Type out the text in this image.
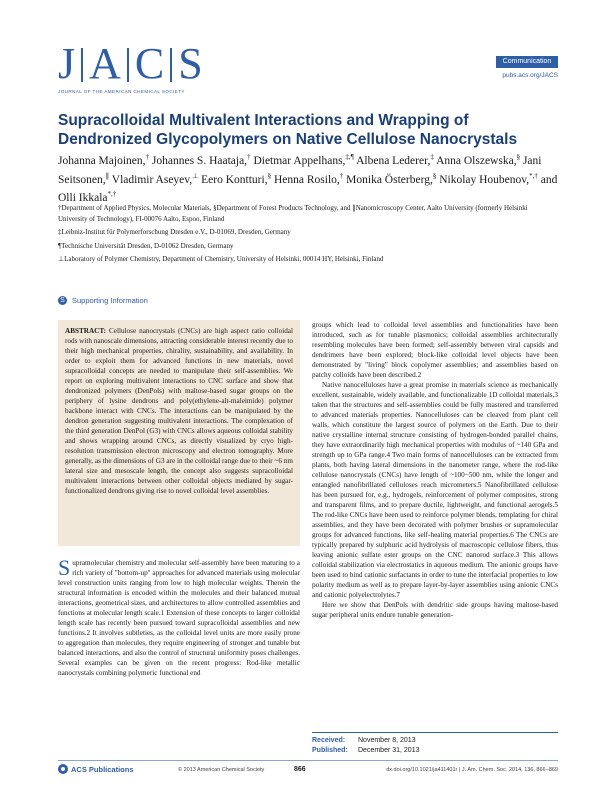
J A C S
JOURNAL OF THE AMERICAN CHEMICAL SOCIETY
Communication
pubs.acs.org/JACS
Supracolloidal Multivalent Interactions and Wrapping of Dendronized Glycopolymers on Native Cellulose Nanocrystals
Johanna Majoinen,† Johannes S. Haataja,† Dietmar Appelhans,‡,¶ Albena Lederer,‡ Anna Olszewska,§ Jani Seitsonen,∥ Vladimir Aseyev,⊥ Eero Kontturi,§ Henna Rosilo,† Monika Österberg,§ Nikolay Houbenov,*,† and Olli Ikkala*,†

†Department of Applied Physics, Molecular Materials, §Department of Forest Products Technology, and ∥Nanomicroscopy Center, Aalto University (formerly Helsinki University of Technology), FI-00076 Aalto, Espoo, Finland

‡Leibniz-Institut für Polymerforschung Dresden e.V., D-01069, Dresden, Germany

¶Technische Universität Dresden, D-01062 Dresden, Germany

⊥Laboratory of Polymer Chemistry, Department of Chemistry, University of Helsinki, 00014 HY, Helsinki, Finland

S Supporting Information
ABSTRACT: Cellulose nanocrystals (CNCs) are high aspect ratio colloidal rods with nanoscale dimensions, attracting considerable interest recently due to their high mechanical properties, chirality, sustainability, and availability. In order to exploit them for advanced functions in new materials, novel supracolloidal concepts are needed to manipulate their self-assemblies. We report on exploring multivalent interactions to CNC surface and show that dendronized polymers (DenPols) with maltose-based sugar groups on the periphery of lysine dendrons and poly(ethylene-alt-maleimide) polymer backbone interact with CNCs. The interactions can be manipulated by the dendron generation suggesting multivalent interactions. The complexation of the third generation DenPol (G3) with CNCs allows aqueous colloidal stability and shows wrapping around CNCs, as directly visualized by cryo high-resolution transmission electron microscopy and electron tomography. More generally, as the dimensions of G3 are in the colloidal range due to their ~6 nm lateral size and mesoscale length, the concept also suggests supracolloidal multivalent interactions between other colloidal objects mediated by sugar-functionalized dendrons giving rise to novel colloidal level assemblies.
S upramolecular chemistry and molecular self-assembly have been maturing to a rich variety of "bottom-up" approaches for advanced materials using molecular level construction units ranging from low to high molecular weights. Therein the structural information is encoded within the molecules and their balanced mutual interactions, geometrical sizes, and architectures to allow controlled assemblies and functions at molecular length scale.1 Extension of these concepts to larger colloidal length scale has recently been pursued toward supracolloidal assemblies and new functions.2 It involves subtleties, as the colloidal level units are more easily prone to aggregation than molecules, they require engineering of stronger and tunable but balanced interactions, and also the control of structural uniformity poses challenges. Several examples can be given on the recent progress: Rod-like metallic nanocrystals combining polymeric functional end

groups which lead to colloidal level assemblies and functionalities have been introduced, such as for tunable plasmonics; colloidal assemblies architecturally resembling molecules have been formed; self-assembly between viral capsids and dendrimers have been explored; block-like colloidal level objects have been demonstrated by "living" block copolymer assemblies; and assemblies based on patchy colloids have been described.2

Native nanocelluloses have a great promise in materials science as mechanically excellent, sustainable, widely available, and functionalizable 1D colloidal materials,3 taken that the structures and self-assemblies could be fully mastered and transferred to advanced materials properties. Nanocelluloses can be cleaved from plant cell walls, which constitute the largest source of polymers on the Earth. Due to their native crystalline internal structure consisting of hydrogen-bonded parallel chains, they have extraordinarily high mechanical properties with modulus of ~140 GPa and strength up to GPa range.4 Two main forms of nanocelluloses can be extracted from plants, both having lateral dimensions in the nanometer range, where the rod-like cellulose nanocrystals (CNCs) have length of ~100−500 nm, while the longer and entangled nanofibrillated celluloses reach micrometers.5 Nanofibrillated cellulose has been pursued for, e.g., hydrogels, reinforcement of polymer composites, strong and transparent films, and to prepare ductile, lightweight, and functional aerogels.5 The rod-like CNCs have been used to reinforce polymer blends, templating for chiral assemblies, and they have been decorated with polymer brushes or supramolecular groups for advanced functions, like self-healing material properties.6 The CNCs are typically prepared by sulphuric acid hydrolysis of macroscopic cellulose fibers, thus leaving anionic sulfate ester groups on the CNC nanorod surface.3 This allows colloidal stabilization via electrostatics in aqueous medium. The anionic groups have been used to bind cationic surfactants in order to tune the interfacial properties to low polarity medium as well as to prepare layer-by-layer assemblies using anionic CNCs and cationic polyelectrolytes.7

Here we show that DenPols with dendritic side groups having maltose-based sugar peripheral units endure tunable generation-

Received: November 8, 2013
Published: December 31, 2013
ACS Publications	© 2013 American Chemical Society	866	dx.doi.org/10.1021/ja411401r | J. Am. Chem. Soc. 2014, 136, 866−869
